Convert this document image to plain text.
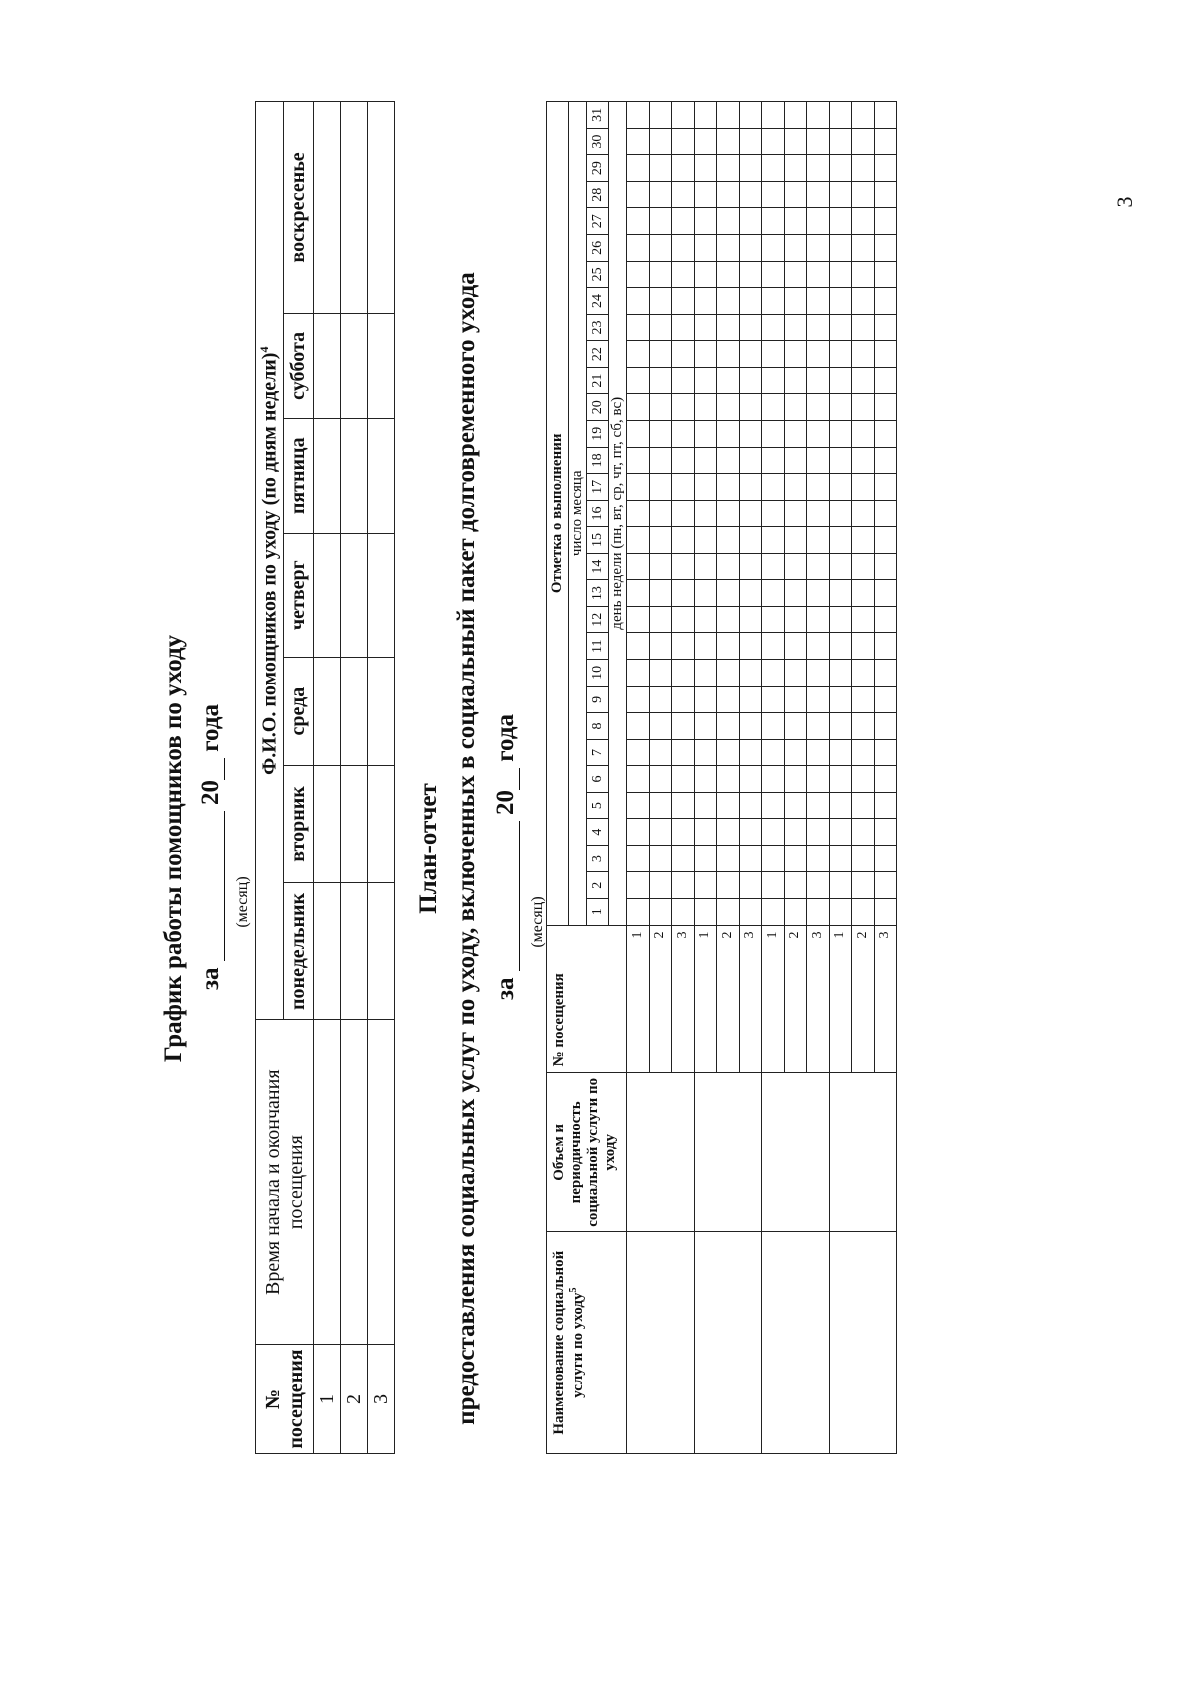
3
График работы помощников по уходу за  20 года
(месяц)
№ посещения	Время начала и окончания посещения	Ф.И.О. помощников по уходу (по дням недели)$^4$
		понедельник	вторник	среда	четверг	пятница	суббота	воскресенье
1								
2								
3								
План-отчет предоставления социальных услуг по уходу, включенных в социальный пакет долговременного ухода за  20 года
(месяц)
Наименование социальной услуги по уходу$^5$	Объем и периодичность социальной услуги по уходу	№ посещения	Отметка о выполнении																														
			число месяца																														
			1	2	3	4	5	6	7	8	9	10	11	12	13	14	15	16	17	18	19	20	21	22	23	24	25	26	27	28	29	30	31
			день недели (пн, вт, ср, чт, пт, сб, вс)																														
		1																															
		2																															
		3																															
		1																															
		2																															
		3																															
		1																															
		2																															
		3																															
		1																															
		2																															
		3																															
